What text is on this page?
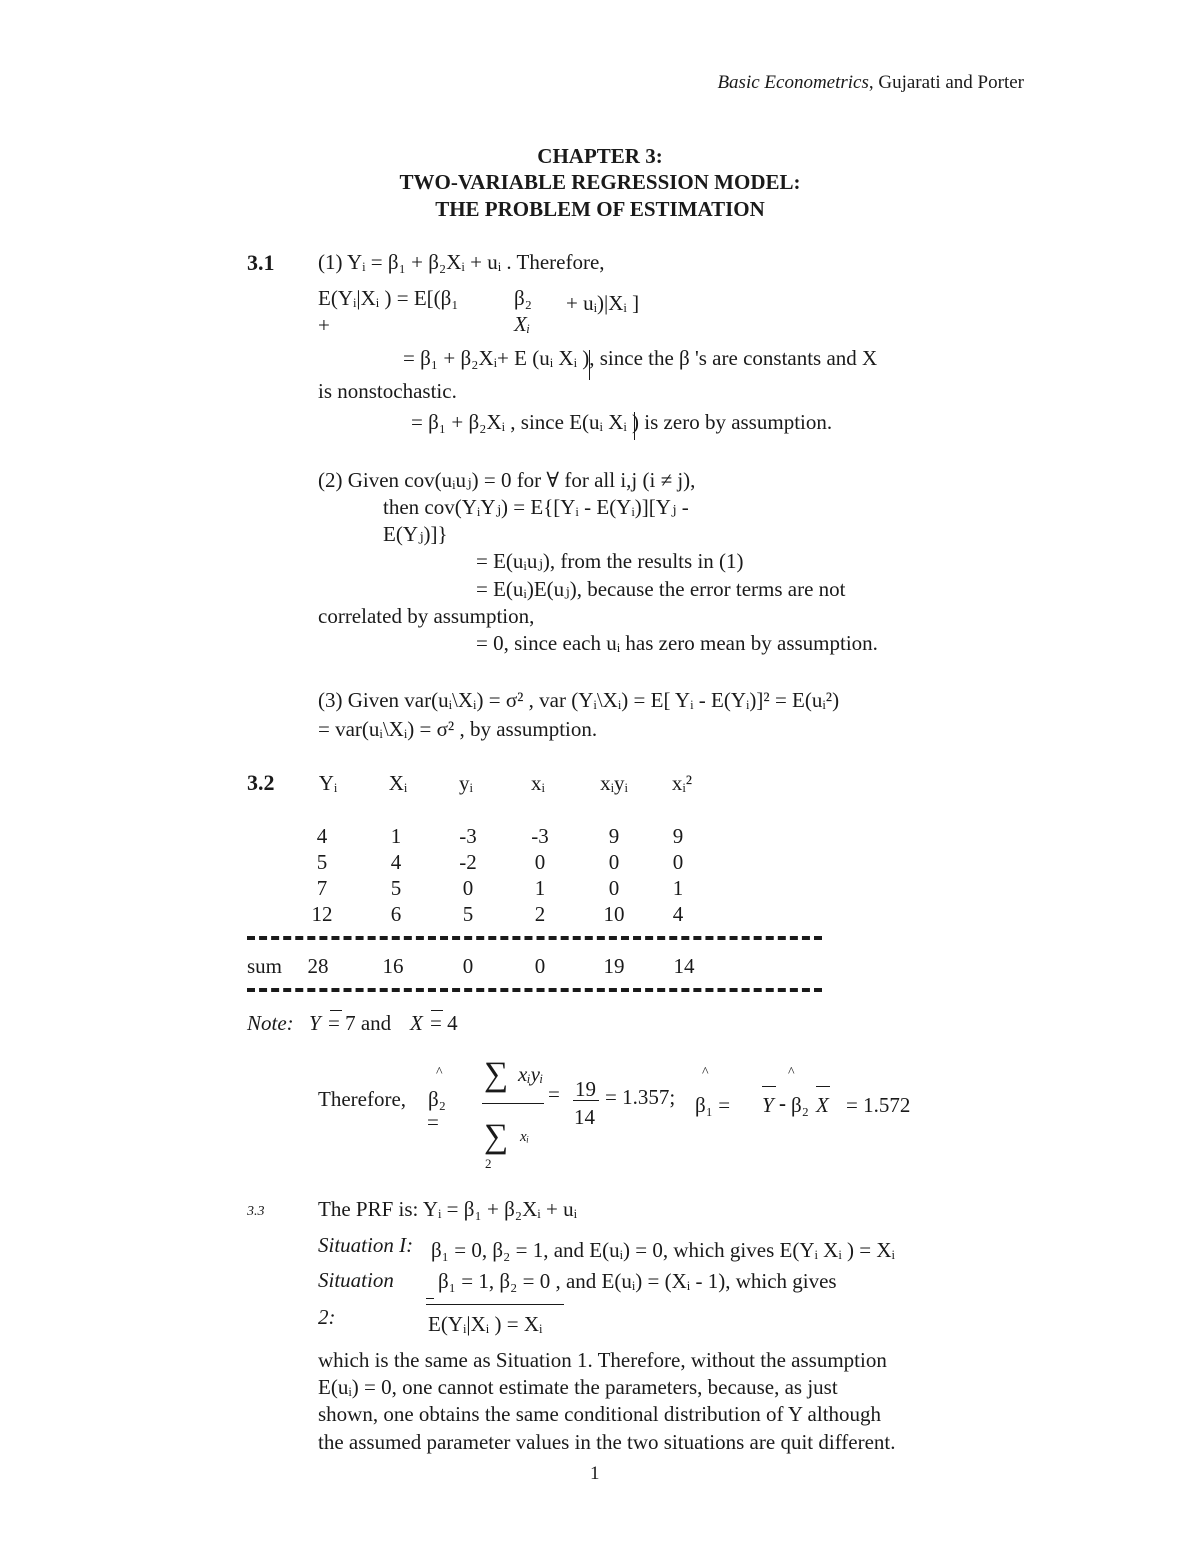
Basic Econometrics, Gujarati and Porter
CHAPTER 3:
TWO-VARIABLE REGRESSION MODEL:
THE PROBLEM OF ESTIMATION
3.1 (1) Yᵢ = β₁ + β₂Xᵢ + uᵢ . Therefore,
E(Yᵢ|Xᵢ ) = E[(β₁	β₂ + uᵢ)|Xᵢ ]
+	Xᵢ
= β₁ + β₂Xᵢ+ E (uᵢ Xᵢ ), since the β 's are constants and X
is nonstochastic.
= β₁ + β₂Xᵢ , since E(uᵢ Xᵢ ) is zero by assumption.
(2) Given cov(uᵢuⱼ) = 0 for ∀ for all i,j (i ≠ j),
then cov(YᵢYⱼ) = E{[Yᵢ - E(Yᵢ)][Yⱼ -
E(Yⱼ)]}
= E(uᵢuⱼ), from the results in (1)
= E(uᵢ)E(uⱼ), because the error terms are not
correlated by assumption,
= 0, since each uᵢ has zero mean by assumption.
(3) Given var(uᵢ\Xᵢ) = σ² , var (Yᵢ\Xᵢ) = E[ Yᵢ - E(Yᵢ)]² = E(uᵢ²)
= var(uᵢ\Xᵢ) = σ² , by assumption.
3.2	Yᵢ	Xᵢ	yᵢ	xᵢ	xᵢyᵢ	xᵢ²
4	1	-3	-3	9	9
5	4	-2	0	0	0
7	5	0	1	0	1
12	6	5	2	10	4
sum	28	16	0	0	19	14
Note: Y = 7 and X = 4
Therefore,
^
β₂
=
∑ xᵢyᵢ
∑ xᵢ
2
= 19
14
= 1.357;
^
β₁ = Y -
^
β₂ X = 1.572
3.3	The PRF is: Yᵢ = β₁ + β₂Xᵢ + uᵢ
Situation I: β₁ = 0, β₂ = 1, and E(uᵢ) = 0, which gives E(Yᵢ Xᵢ ) = Xᵢ
Situation
2:
β₁ = 1, β₂ = 0 , and E(uᵢ) = (Xᵢ - 1), which gives
E(Yᵢ|Xᵢ ) = Xᵢ
which is the same as Situation 1. Therefore, without the assumption
E(uᵢ) = 0, one cannot estimate the parameters, because, as just
shown, one obtains the same conditional distribution of Y although
the assumed parameter values in the two situations are quit different.
1
